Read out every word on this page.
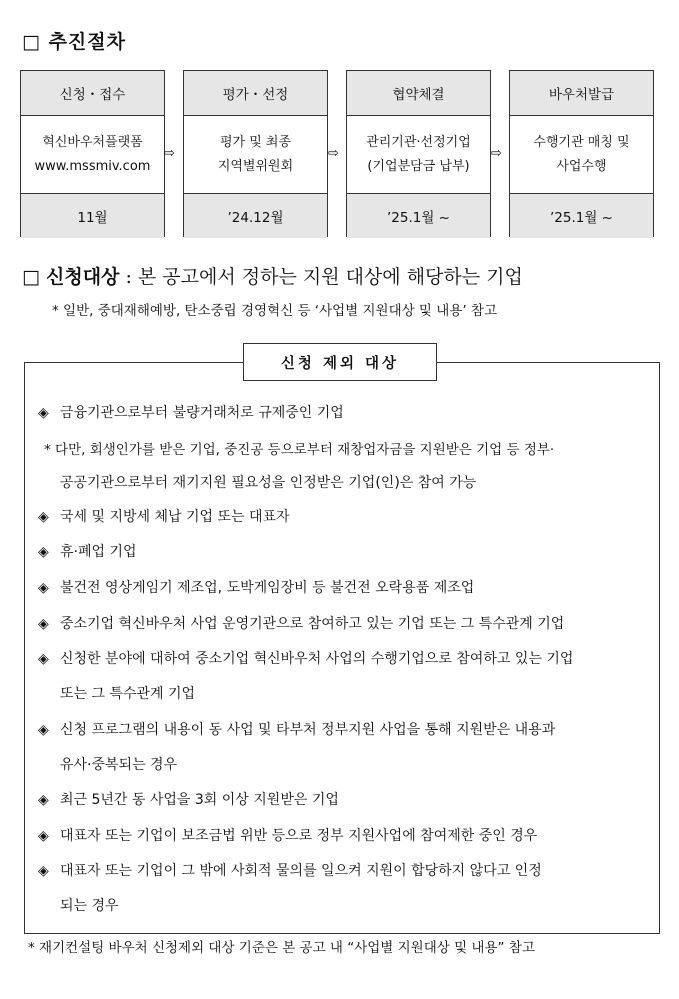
□ 추진절차
신청・접수
혁신바우처플랫폼
www.mssmiv.com
11월
⇨
평가・선정
평가 및 최종
지역별위원회
’24.12월
⇨
협약체결
관리기관·선정기업
(기업분담금 납부)
’25.1월 ~
⇨
바우처발급
수행기관 매칭 및
사업수행
’25.1월 ~
□ 신청대상 : 본 공고에서 정하는 지원 대상에 해당하는 기업
* 일반, 중대재해예방, 탄소중립 경영혁신 등 ‘사업별 지원대상 및 내용’ 참고
신청 제외 대상
◈ 금융기관으로부터 불량거래처로 규제중인 기업
* 다만, 회생인가를 받은 기업, 중진공 등으로부터 재창업자금을 지원받은 기업 등 정부·
공공기관으로부터 재기지원 필요성을 인정받은 기업(인)은 참여 가능
◈ 국세 및 지방세 체납 기업 또는 대표자
◈ 휴·폐업 기업
◈ 불건전 영상게임기 제조업, 도박게임장비 등 불건전 오락용품 제조업
◈ 중소기업 혁신바우처 사업 운영기관으로 참여하고 있는 기업 또는 그 특수관계 기업
◈ 신청한 분야에 대하여 중소기업 혁신바우처 사업의 수행기업으로 참여하고 있는 기업
또는 그 특수관계 기업
◈ 신청 프로그램의 내용이 동 사업 및 타부처 정부지원 사업을 통해 지원받은 내용과
유사·중복되는 경우
◈ 최근 5년간 동 사업을 3회 이상 지원받은 기업
◈ 대표자 또는 기업이 보조금법 위반 등으로 정부 지원사업에 참여제한 중인 경우
◈ 대표자 또는 기업이 그 밖에 사회적 물의를 일으켜 지원이 합당하지 않다고 인정
되는 경우
* 재기컨설팅 바우처 신청제외 대상 기준은 본 공고 내 “사업별 지원대상 및 내용” 참고
